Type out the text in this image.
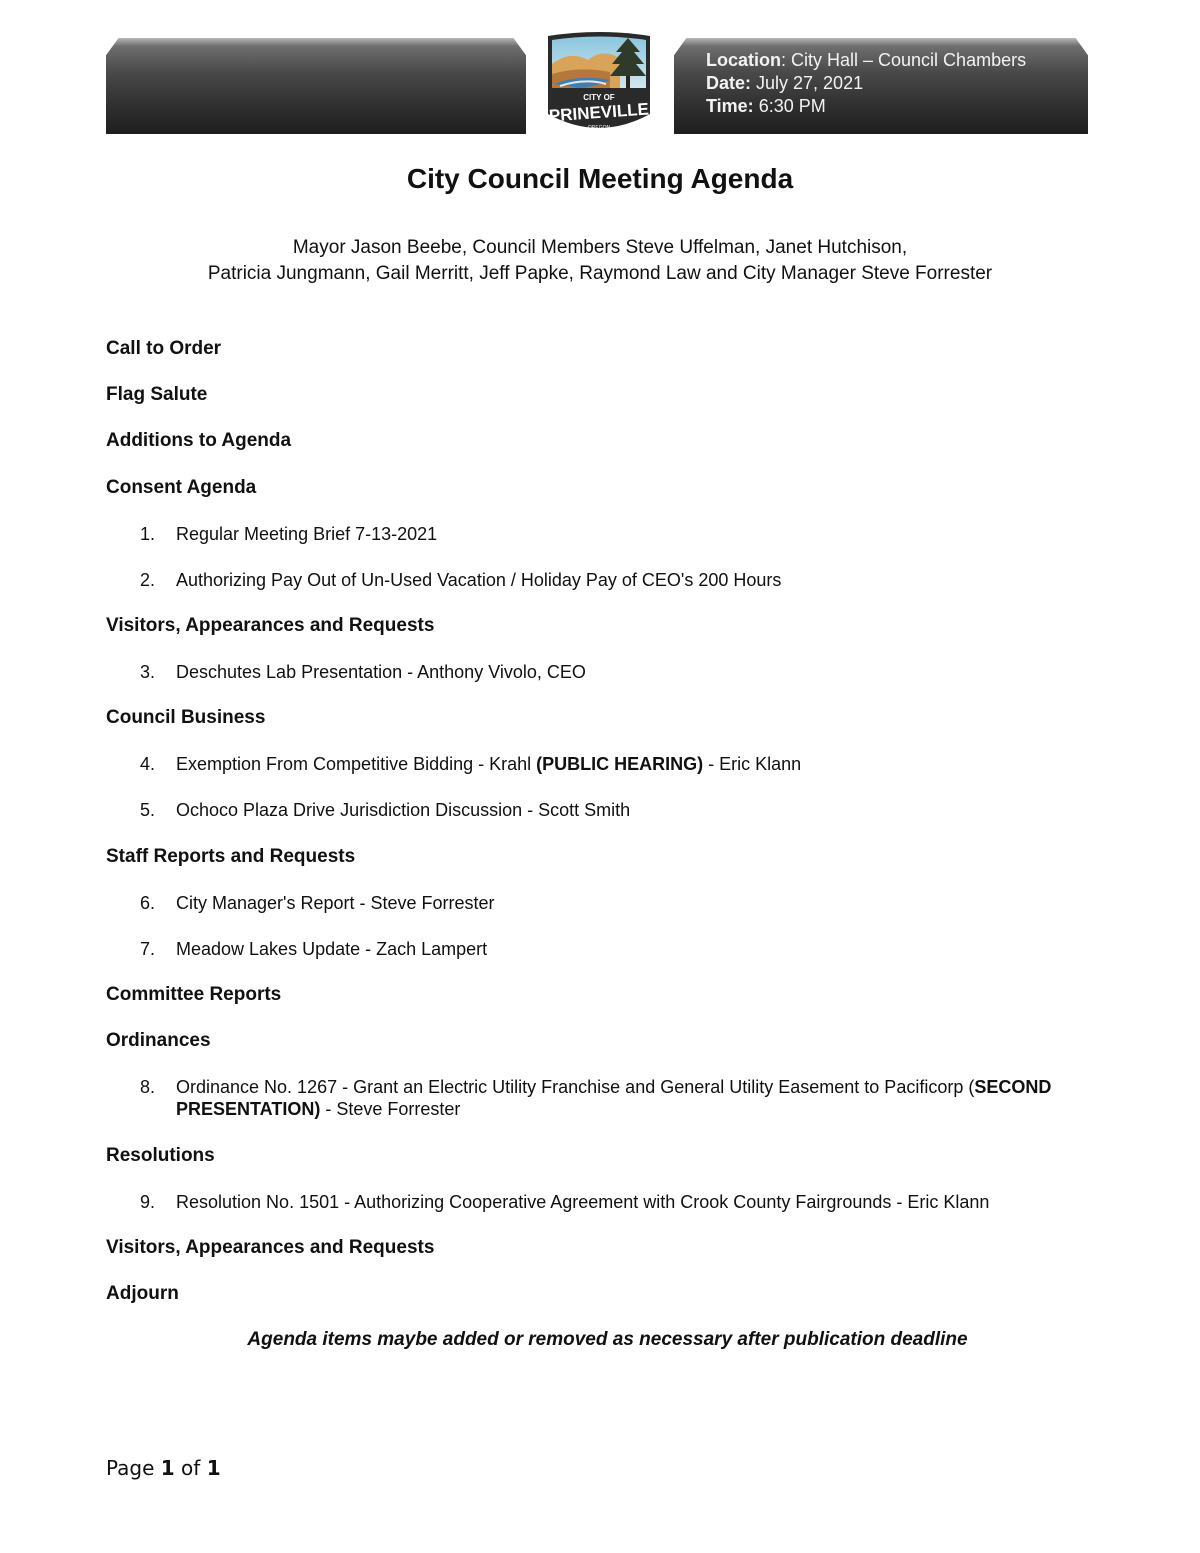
Location: City Hall – Council Chambers
Date: July 27, 2021
Time: 6:30 PM
CITY OF
PRINEVILLE
OREGON
City Council Meeting Agenda
Mayor Jason Beebe, Council Members Steve Uffelman, Janet Hutchison,
Patricia Jungmann, Gail Merritt, Jeff Papke, Raymond Law and City Manager Steve Forrester
Call to Order
Flag Salute
Additions to Agenda
Consent Agenda
1. Regular Meeting Brief 7-13-2021
2. Authorizing Pay Out of Un-Used Vacation / Holiday Pay of CEO's 200 Hours
Visitors, Appearances and Requests
3. Deschutes Lab Presentation - Anthony Vivolo, CEO
Council Business
4. Exemption From Competitive Bidding - Krahl (PUBLIC HEARING) - Eric Klann
5. Ochoco Plaza Drive Jurisdiction Discussion - Scott Smith
Staff Reports and Requests
6. City Manager's Report - Steve Forrester
7. Meadow Lakes Update - Zach Lampert
Committee Reports
Ordinances
8. Ordinance No. 1267 - Grant an Electric Utility Franchise and General Utility Easement to Pacificorp (SECOND PRESENTATION) - Steve Forrester
Resolutions
9. Resolution No. 1501 - Authorizing Cooperative Agreement with Crook County Fairgrounds - Eric Klann
Visitors, Appearances and Requests
Adjourn
Agenda items maybe added or removed as necessary after publication deadline
Page 1 of 1
